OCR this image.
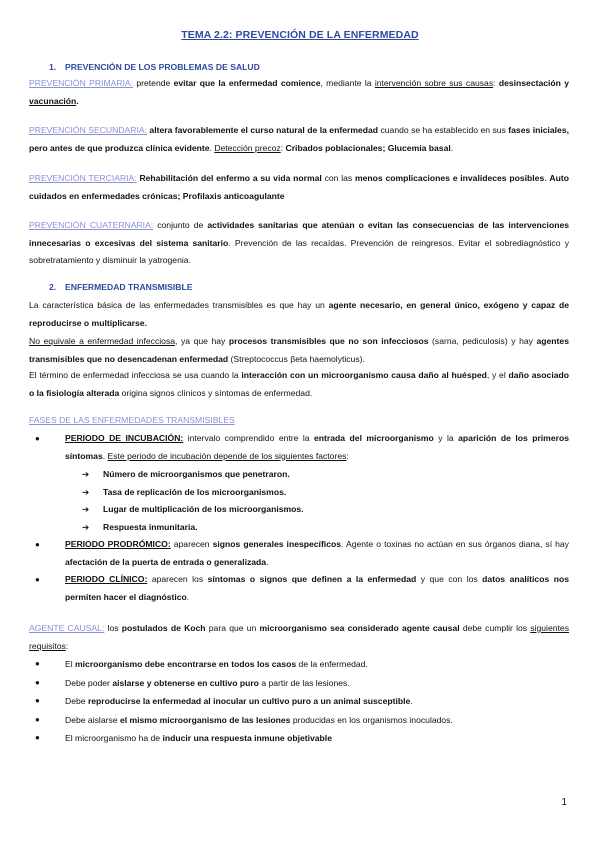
TEMA 2.2: PREVENCIÓN DE LA ENFERMEDAD
1. PREVENCIÓN DE LOS PROBLEMAS DE SALUD
PREVENCIÓN PRIMARIA: pretende evitar que la enfermedad comience, mediante la intervención sobre sus causas: desinsectación y vacunación.
PREVENCIÓN SECUNDARIA: altera favorablemente el curso natural de la enfermedad cuando se ha establecido en sus fases iniciales, pero antes de que produzca clínica evidente. Detección precoz: Cribados poblacionales; Glucemia basal.
PREVENCIÓN TERCIARIA: Rehabilitación del enfermo a su vida normal con las menos complicaciones e invalideces posibles. Auto cuidados en enfermedades crónicas; Profilaxis anticoagulante
PREVENCIÓN CUATERNARIA: conjunto de actividades sanitarias que atenúan o evitan las consecuencias de las intervenciones innecesarias o excesivas del sistema sanitario. Prevención de las recaídas. Prevención de reingresos. Evitar el sobrediagnóstico y sobretratamiento y disminuir la yatrogenia.
2. ENFERMEDAD TRANSMISIBLE
La característica básica de las enfermedades transmisibles es que hay un agente necesario, en general único, exógeno y capaz de reproducirse o multiplicarse.
No equivale a enfermedad infecciosa, ya que hay procesos transmisibles que no son infecciosos (sarna, pediculosis) y hay agentes transmisibles que no desencadenan enfermedad (Streptococcus βeta haemolyticus).
El término de enfermedad infecciosa se usa cuando la interacción con un microorganismo causa daño al huésped, y el daño asociado o la fisiología alterada origina signos clínicos y síntomas de enfermedad.
FASES DE LAS ENFERMEDADES TRANSMISIBLES
●	PERIODO DE INCUBACIÓN: intervalo comprendido entre la entrada del microorganismo y la aparición de los primeros síntomas. Este periodo de incubación depende de los siguientes factores:
➔ Número de microorganismos que penetraron.
➔ Tasa de replicación de los microorganismos.
➔ Lugar de multiplicación de los microorganismos.
➔ Respuesta inmunitaria.
●	PERIODO PRODRÓMICO: aparecen signos generales inespecíficos. Agente o toxinas no actúan en sus órganos diana, sí hay afectación de la puerta de entrada o generalizada.
●	PERIODO CLÍNICO: aparecen los síntomas o signos que definen a la enfermedad y que con los datos analíticos nos permiten hacer el diagnóstico.
AGENTE CAUSAL: los postulados de Koch para que un microorganismo sea considerado agente causal debe cumplir los siguientes requisitos:
●	El microorganismo debe encontrarse en todos los casos de la enfermedad.
●	Debe poder aislarse y obtenerse en cultivo puro a partir de las lesiones.
●	Debe reproducirse la enfermedad al inocular un cultivo puro a un animal susceptible.
●	Debe aislarse el mismo microorganismo de las lesiones producidas en los organismos inoculados.
●	El microorganismo ha de inducir una respuesta inmune objetivable
1
